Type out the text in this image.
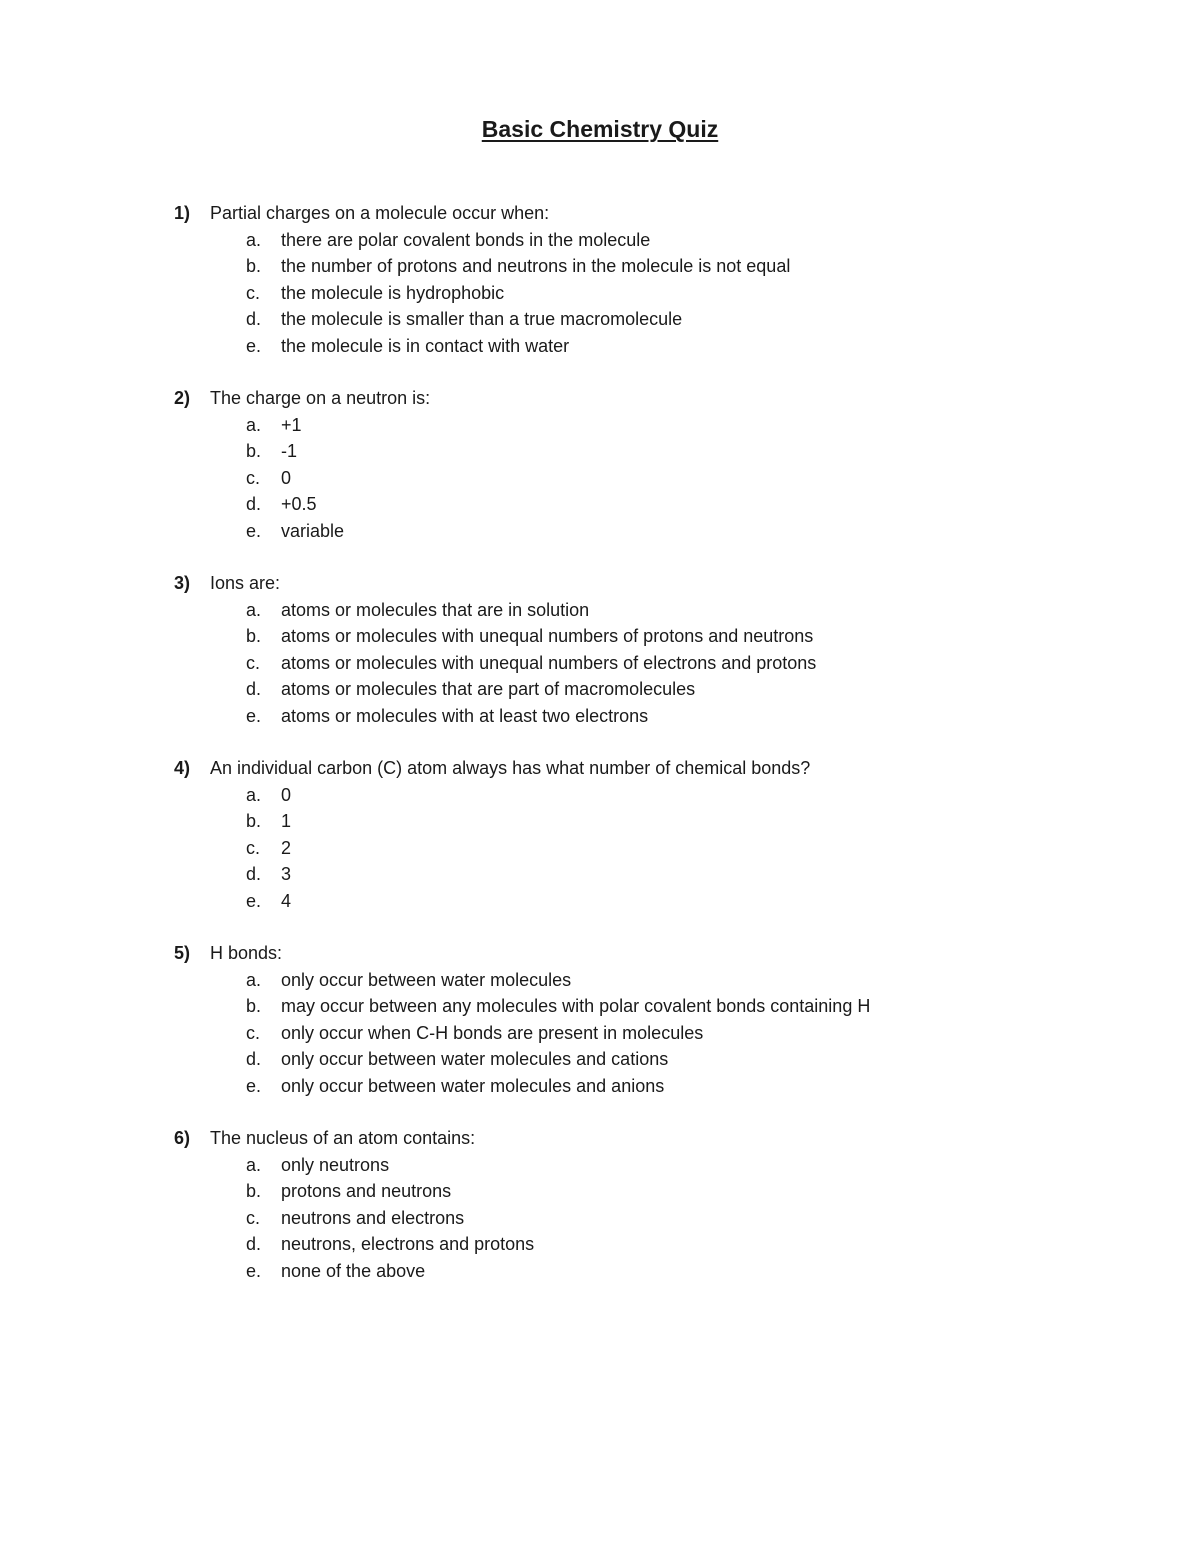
Basic Chemistry Quiz
1) Partial charges on a molecule occur when:
a. there are polar covalent bonds in the molecule
b. the number of protons and neutrons in the molecule is not equal
c. the molecule is hydrophobic
d. the molecule is smaller than a true macromolecule
e. the molecule is in contact with water
2) The charge on a neutron is:
a. +1
b. -1
c. 0
d. +0.5
e. variable
3) Ions are:
a. atoms or molecules that are in solution
b. atoms or molecules with unequal numbers of protons and neutrons
c. atoms or molecules with unequal numbers of electrons and protons
d. atoms or molecules that are part of macromolecules
e. atoms or molecules with at least two electrons
4) An individual carbon (C) atom always has what number of chemical bonds?
a. 0
b. 1
c. 2
d. 3
e. 4
5) H bonds:
a. only occur between water molecules
b. may occur between any molecules with polar covalent bonds containing H
c. only occur when C-H bonds are present in molecules
d. only occur between water molecules and cations
e. only occur between water molecules and anions
6) The nucleus of an atom contains:
a. only neutrons
b. protons and neutrons
c. neutrons and electrons
d. neutrons, electrons and protons
e. none of the above
